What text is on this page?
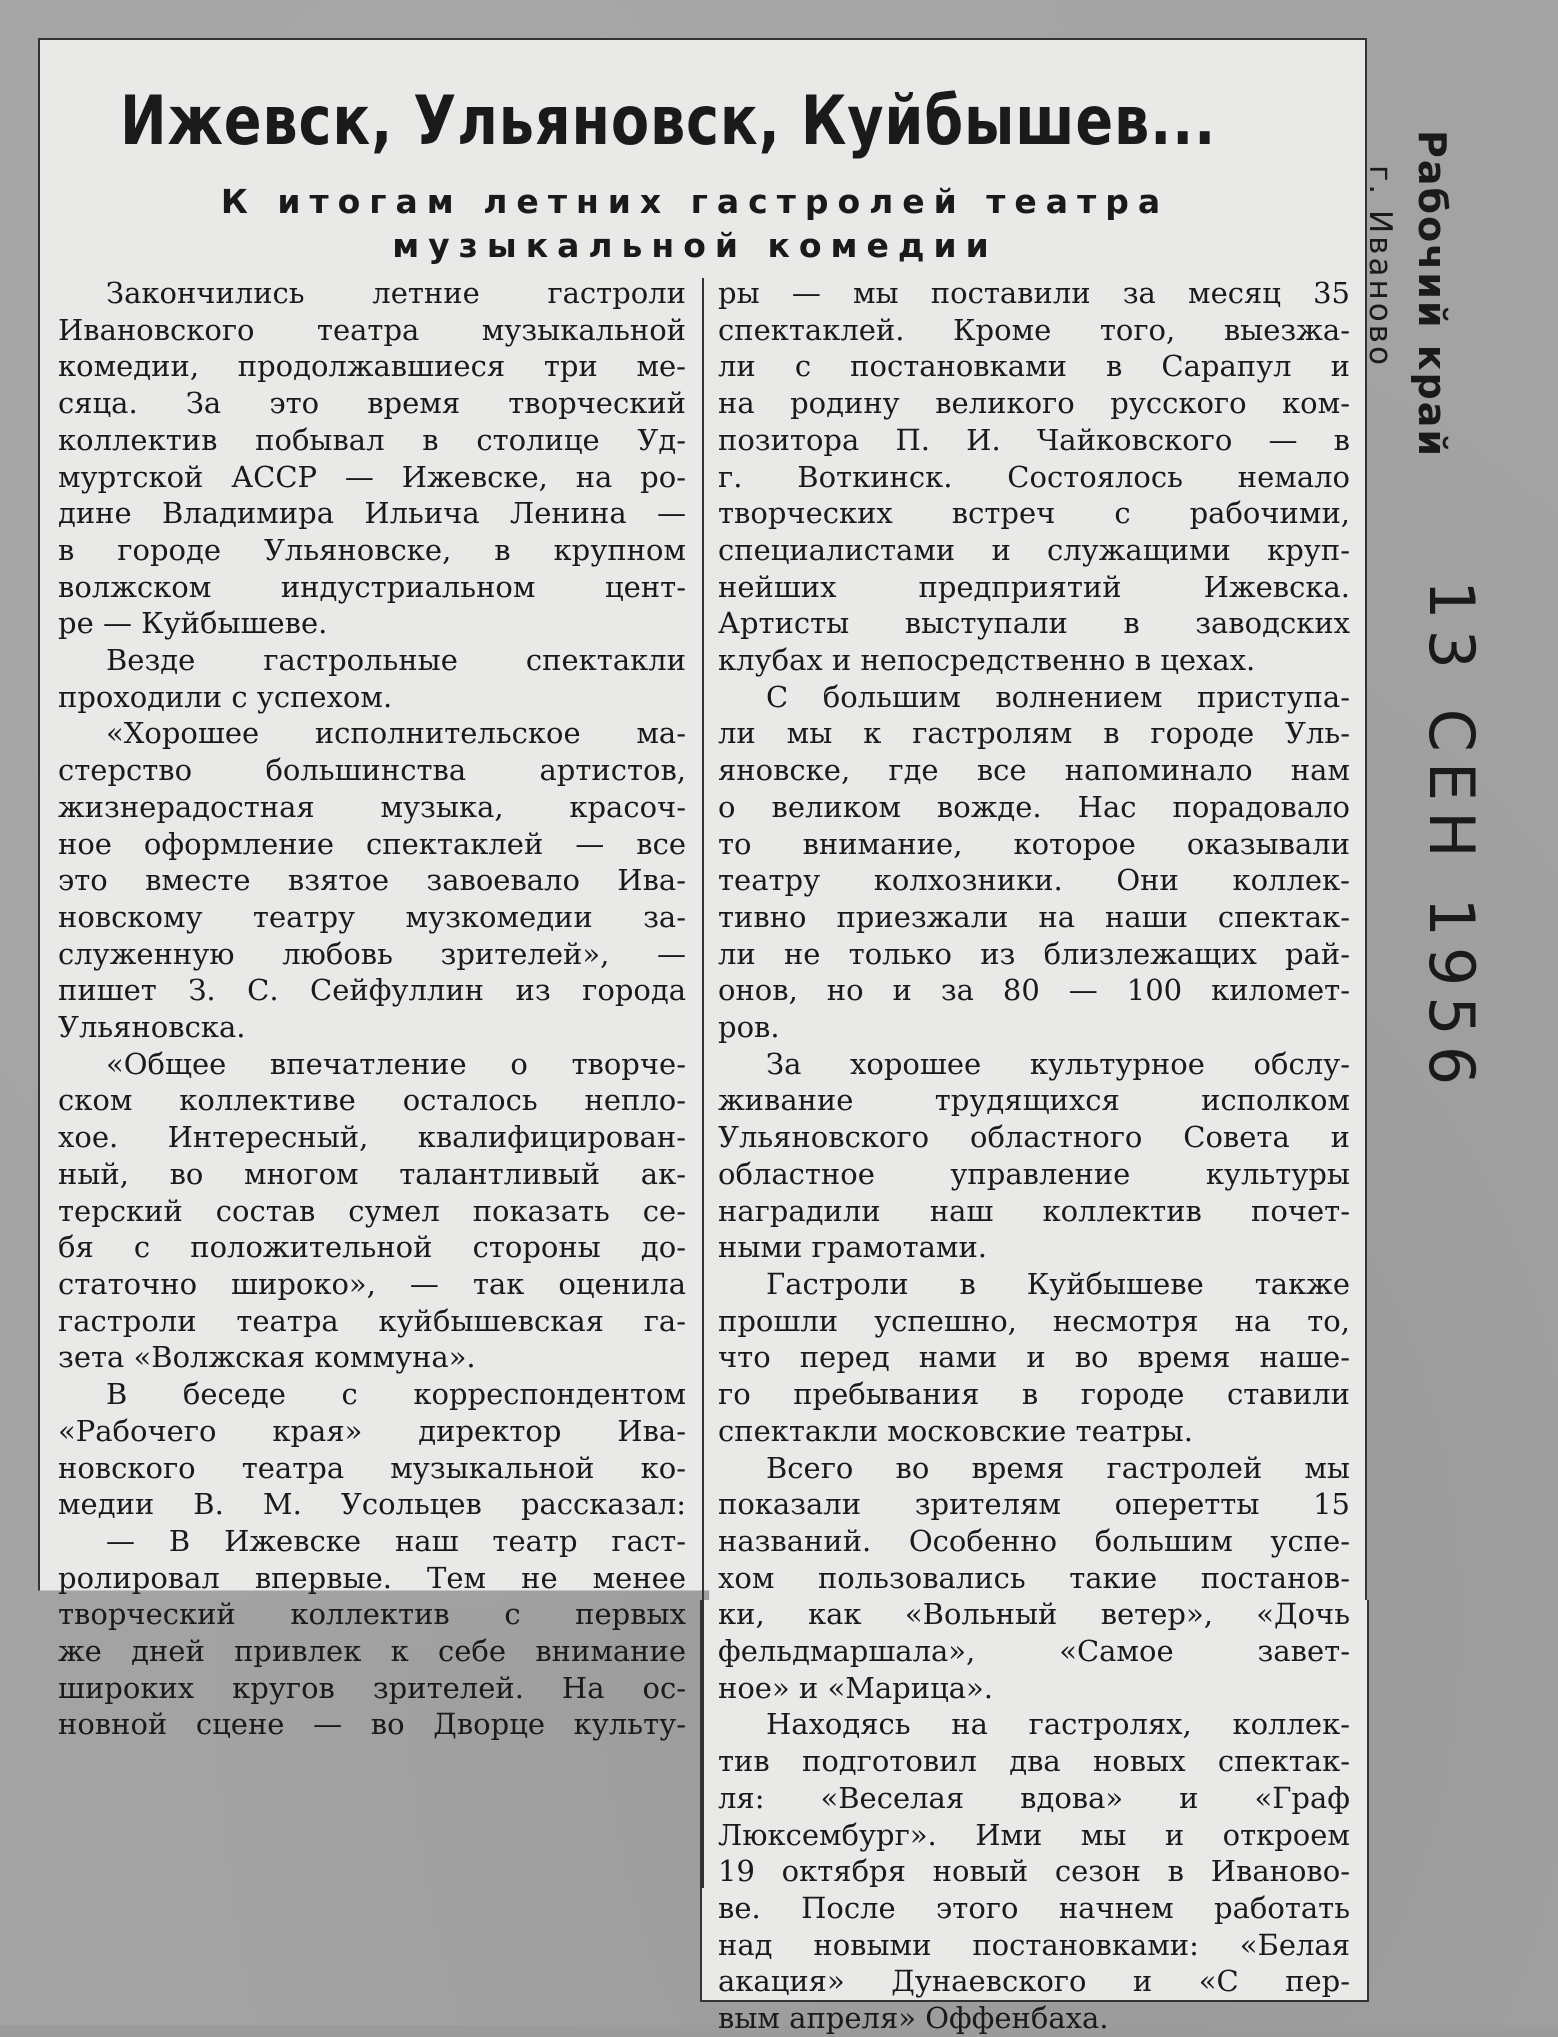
Ижевск, Ульяновск, Куйбышев...
К итогам летних гастролей театра
музыкальной комедии
Закончились летние гастроли
Ивановского театра музыкальной
комедии, продолжавшиеся три ме-
сяца. За это время творческий
коллектив побывал в столице Уд-
муртской АССР — Ижевске, на ро-
дине Владимира Ильича Ленина —
в городе Ульяновске, в крупном
волжском индустриальном цент-
ре — Куйбышеве.
Везде гастрольные спектакли
проходили с успехом.
«Хорошее исполнительское ма-
стерство большинства артистов,
жизнерадостная музыка, красоч-
ное оформление спектаклей — все
это вместе взятое завоевало Ива-
новскому театру музкомедии за-
служенную любовь зрителей», —
пишет З. С. Сейфуллин из города
Ульяновска.
«Общее впечатление о творче-
ском коллективе осталось непло-
хое. Интересный, квалифицирован-
ный, во многом талантливый ак-
терский состав сумел показать се-
бя с положительной стороны до-
статочно широко», — так оценила
гастроли театра куйбышевская га-
зета «Волжская коммуна».
В беседе с корреспондентом
«Рабочего края» директор Ива-
новского театра музыкальной ко-
медии В. М. Усольцев рассказал:
— В Ижевске наш театр гаст-
ролировал впервые. Тем не менее
творческий коллектив с первых
же дней привлек к себе внимание
широких кругов зрителей. На ос-
новной сцене — во Дворце культу-
ры — мы поставили за месяц 35
спектаклей. Кроме того, выезжа-
ли с постановками в Сарапул и
на родину великого русского ком-
позитора П. И. Чайковского — в
г. Воткинск. Состоялось немало
творческих встреч с рабочими,
специалистами и служащими круп-
нейших предприятий Ижевска.
Артисты выступали в заводских
клубах и непосредственно в цехах.
С большим волнением приступа-
ли мы к гастролям в городе Уль-
яновске, где все напоминало нам
о великом вожде. Нас порадовало
то внимание, которое оказывали
театру колхозники. Они коллек-
тивно приезжали на наши спектак-
ли не только из близлежащих рай-
онов, но и за 80 — 100 километ-
ров.
За хорошее культурное обслу-
живание трудящихся исполком
Ульяновского областного Совета и
областное управление культуры
наградили наш коллектив почет-
ными грамотами.
Гастроли в Куйбышеве также
прошли успешно, несмотря на то,
что перед нами и во время наше-
го пребывания в городе ставили
спектакли московские театры.
Всего во время гастролей мы
показали зрителям оперетты 15
названий. Особенно большим успе-
хом пользовались такие постанов-
ки, как «Вольный ветер», «Дочь
фельдмаршала», «Самое завет-
ное» и «Марица».
Находясь на гастролях, коллек-
тив подготовил два новых спектак-
ля: «Веселая вдова» и «Граф
Люксембург». Ими мы и откроем
19 октября новый сезон в Иваново-
ве. После этого начнем работать
над новыми постановками: «Белая
акация» Дунаевского и «С пер-
вым апреля» Оффенбаха.
Рабочий край
г. Иваново
13 СЕН 1956
